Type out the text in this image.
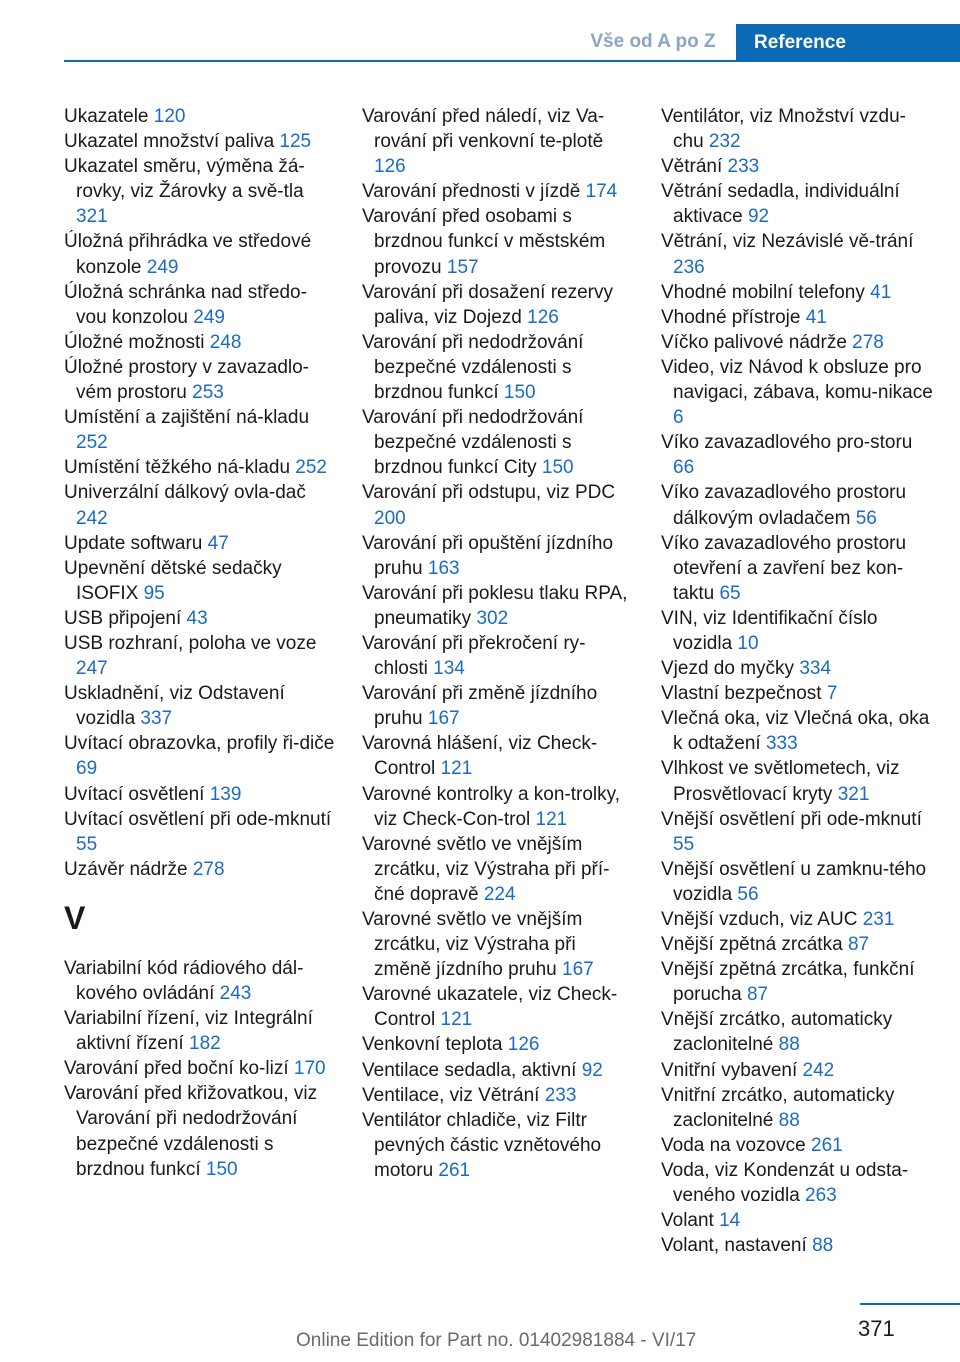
Vše od A po Z	Reference
Ukazatele 120
Ukazatel množství paliva 125
Ukazatel směru, výměna žá-rovky, viz Žárovky a svě-tla 321
Úložná přihrádka ve středové konzole 249
Úložná schránka nad středo-vou konzolou 249
Úložné možnosti 248
Úložné prostory v zavazadlo-vém prostoru 253
Umístění a zajištění ná-kladu 252
Umístění těžkého ná-kladu 252
Univerzální dálkový ovla-dač 242
Update softwaru 47
Upevnění dětské sedačky ISOFIX 95
USB připojení 43
USB rozhraní, poloha ve voze 247
Uskladnění, viz Odstavení vozidla 337
Uvítací obrazovka, profily ři-diče 69
Uvítací osvětlení 139
Uvítací osvětlení při ode-mknutí 55
Uzávěr nádrže 278
V
Variabilní kód rádiového dál-kového ovládání 243
Variabilní řízení, viz Integrální aktivní řízení 182
Varování před boční ko-lizí 170
Varování před křižovatkou, viz Varování při nedodržování bezpečné vzdálenosti s brzdnou funkcí 150
Varování před náledí, viz Va-rování při venkovní te-plotě 126
Varování přednosti v jízdě 174
Varování před osobami s brzdnou funkcí v městském provozu 157
Varování při dosažení rezervy paliva, viz Dojezd 126
Varování při nedodržování bezpečné vzdálenosti s brzdnou funkcí 150
Varování při nedodržování bezpečné vzdálenosti s brzdnou funkcí City 150
Varování při odstupu, viz PDC 200
Varování při opuštění jízdního pruhu 163
Varování při poklesu tlaku RPA, pneumatiky 302
Varování při překročení ry-chlosti 134
Varování při změně jízdního pruhu 167
Varovná hlášení, viz Check-Control 121
Varovné kontrolky a kon-trolky, viz Check-Con-trol 121
Varovné světlo ve vnějším zrcátku, viz Výstraha při pří-čné dopravě 224
Varovné světlo ve vnějším zrcátku, viz Výstraha při změně jízdního pruhu 167
Varovné ukazatele, viz Check-Control 121
Venkovní teplota 126
Ventilace sedadla, aktivní 92
Ventilace, viz Větrání 233
Ventilátor chladiče, viz Filtr pevných částic vznětového motoru 261
Ventilátor, viz Množství vzdu-chu 232
Větrání 233
Větrání sedadla, individuální aktivace 92
Větrání, viz Nezávislé vě-trání 236
Vhodné mobilní telefony 41
Vhodné přístroje 41
Víčko palivové nádrže 278
Video, viz Návod k obsluze pro navigaci, zábava, komu-nikace 6
Víko zavazadlového pro-storu 66
Víko zavazadlového prostoru dálkovým ovladačem 56
Víko zavazadlového prostoru otevření a zavření bez kon-taktu 65
VIN, viz Identifikační číslo vozidla 10
Vjezd do myčky 334
Vlastní bezpečnost 7
Vlečná oka, viz Vlečná oka, oka k odtažení 333
Vlhkost ve světlometech, viz Prosvětlovací kryty 321
Vnější osvětlení při ode-mknutí 55
Vnější osvětlení u zamknu-tého vozidla 56
Vnější vzduch, viz AUC 231
Vnější zpětná zrcátka 87
Vnější zpětná zrcátka, funkční porucha 87
Vnější zrcátko, automaticky zaclonitelné 88
Vnitřní vybavení 242
Vnitřní zrcátko, automaticky zaclonitelné 88
Voda na vozovce 261
Voda, viz Kondenzát u odsta-veného vozidla 263
Volant 14
Volant, nastavení 88
371
Online Edition for Part no. 01402981884 - VI/17
